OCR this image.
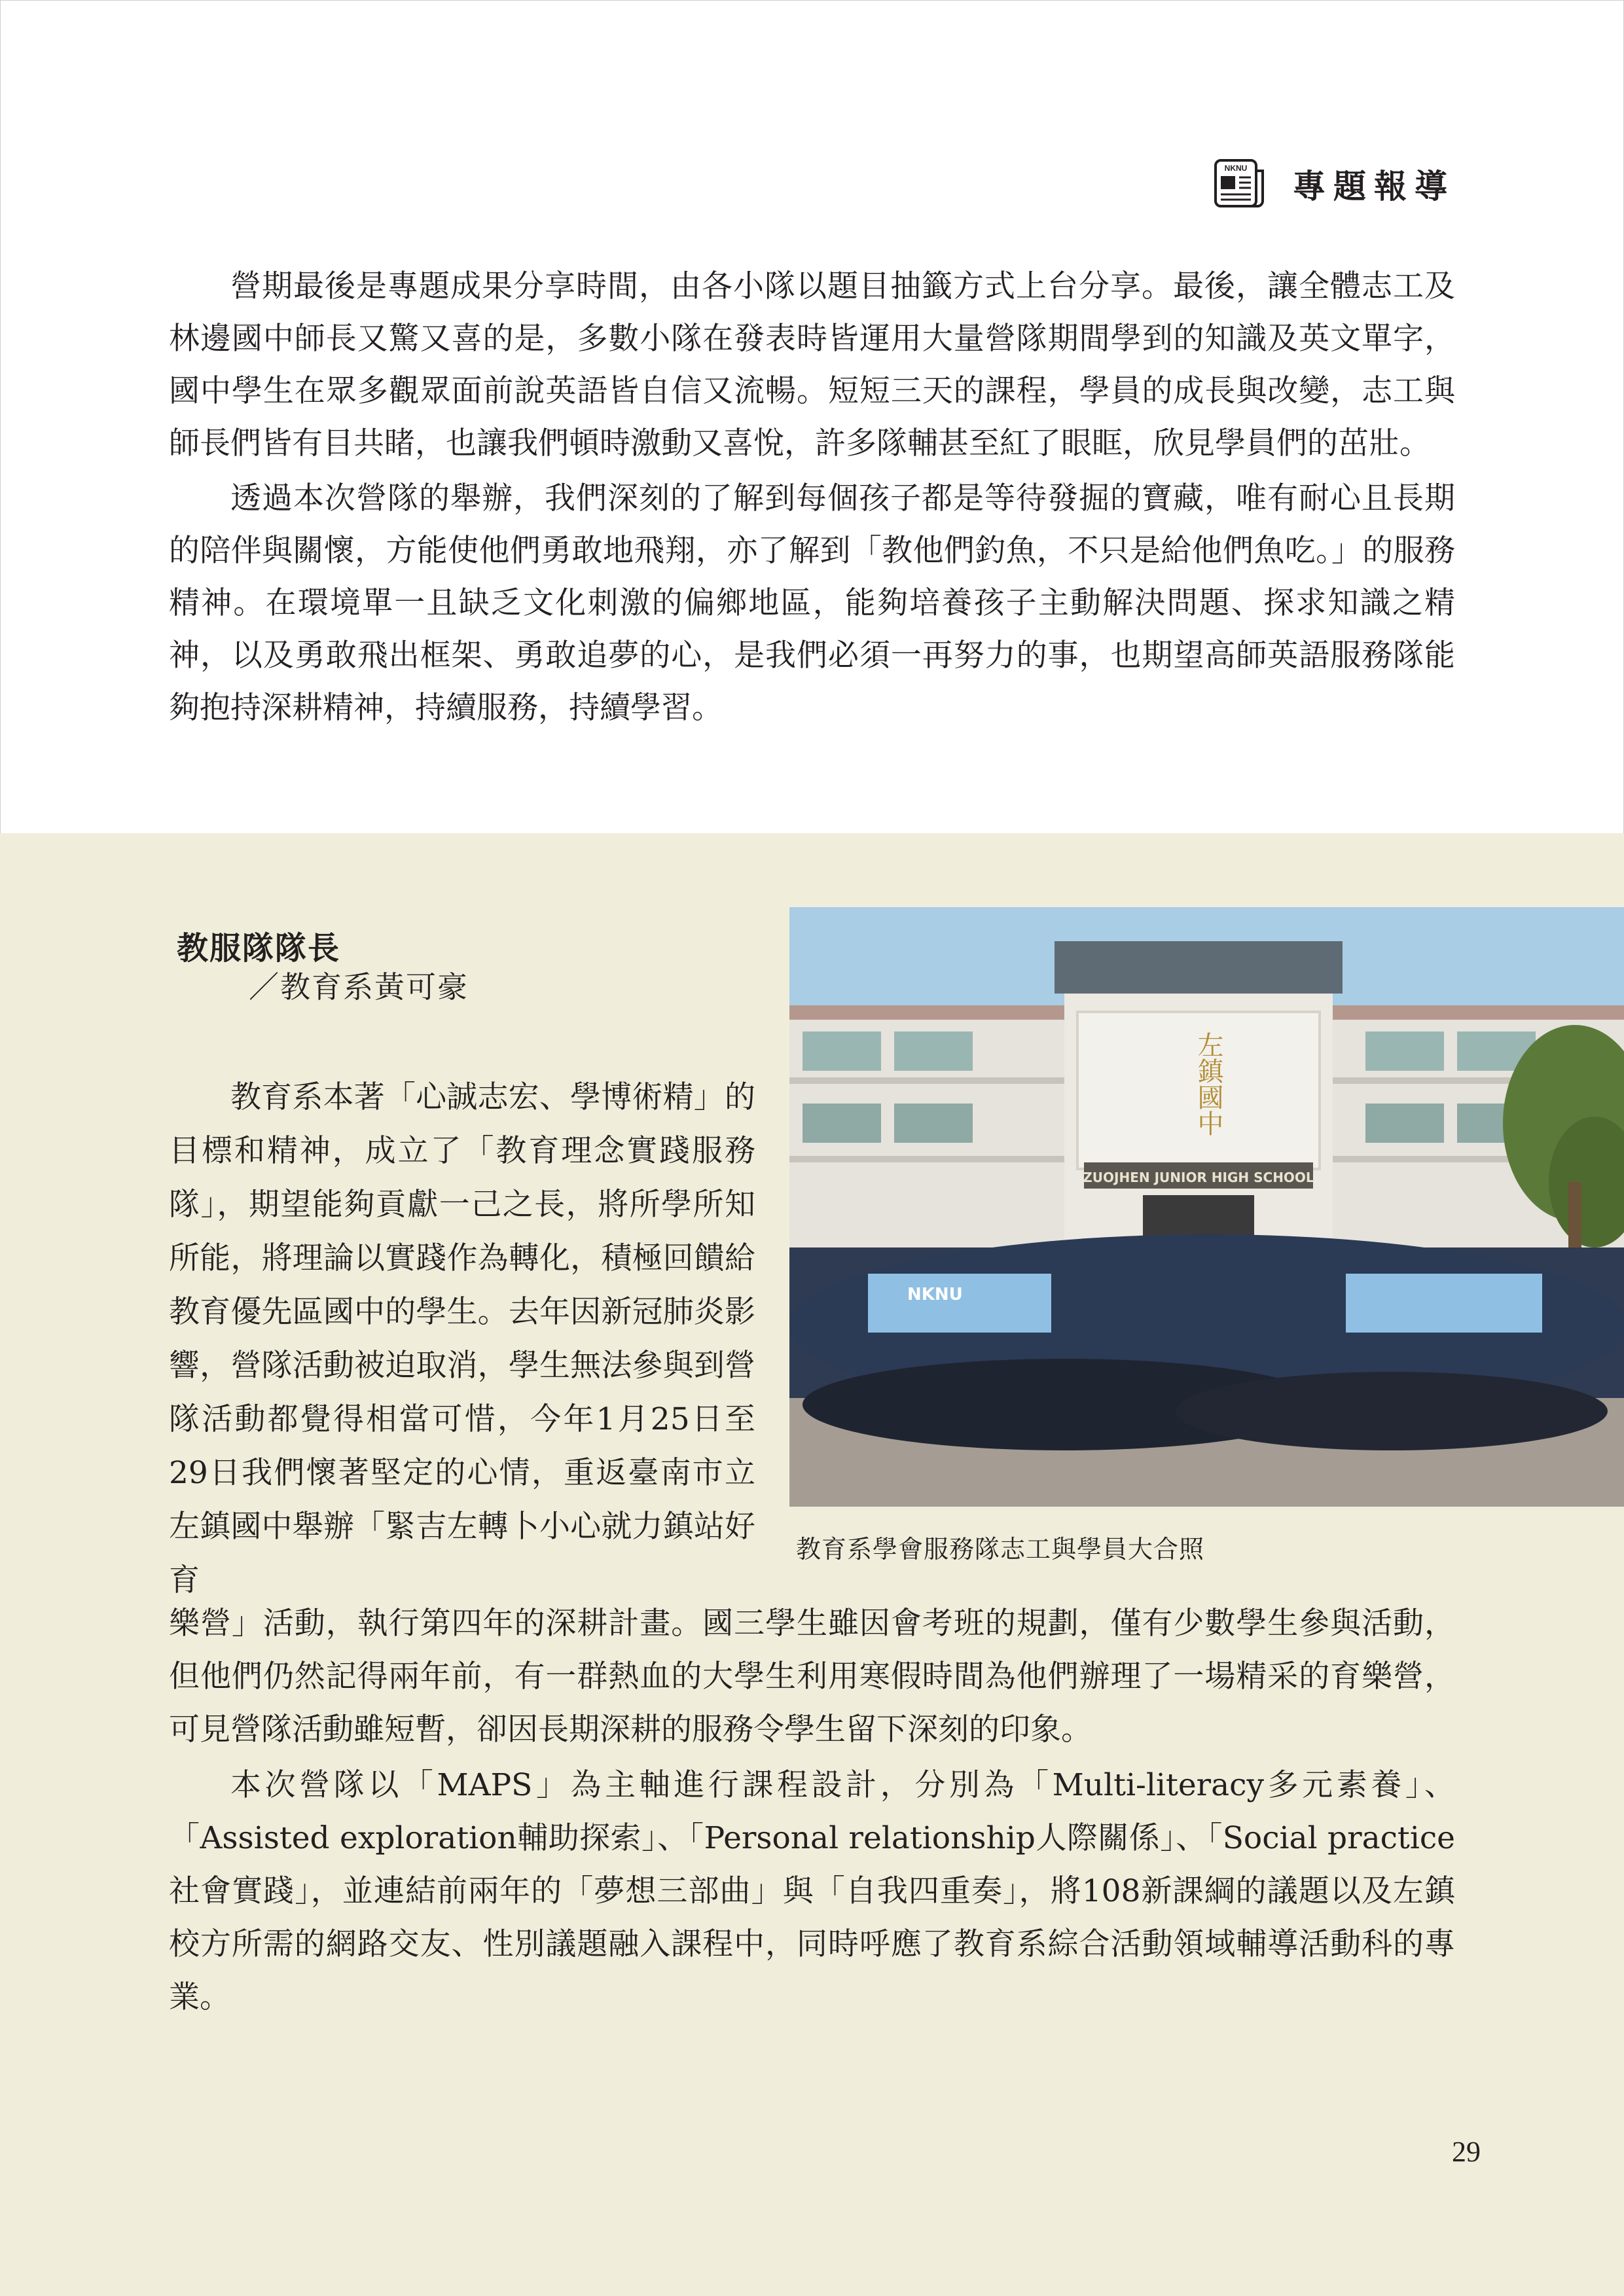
NKNU 專題報導

營期最後是專題成果分享時間，由各小隊以題目抽籤方式上台分享。最後，讓全體志工及林邊國中師長又驚又喜的是，多數小隊在發表時皆運用大量營隊期間學到的知識及英文單字，國中學生在眾多觀眾面前說英語皆自信又流暢。短短三天的課程，學員的成長與改變，志工與師長們皆有目共睹，也讓我們頓時激動又喜悅，許多隊輔甚至紅了眼眶，欣見學員們的茁壯。

透過本次營隊的舉辦，我們深刻的了解到每個孩子都是等待發掘的寶藏，唯有耐心且長期的陪伴與關懷，方能使他們勇敢地飛翔，亦了解到「教他們釣魚，不只是給他們魚吃。」的服務精神。在環境單一且缺乏文化刺激的偏鄉地區，能夠培養孩子主動解決問題、探求知識之精神，以及勇敢飛出框架、勇敢追夢的心，是我們必須一再努力的事，也期望高師英語服務隊能夠抱持深耕精神，持續服務，持續學習。

教服隊隊長
／教育系黃可豪

教育系本著「心誠志宏、學博術精」的目標和精神，成立了「教育理念實踐服務隊」，期望能夠貢獻一己之長，將所學所知所能，將理論以實踐作為轉化，積極回饋給教育優先區國中的學生。去年因新冠肺炎影響，營隊活動被迫取消，學生無法參與到營隊活動都覺得相當可惜，今年1月25日至29日我們懷著堅定的心情，重返臺南市立左鎮國中舉辦「緊吉左轉卜小心就力鎮站好育

左鎮國中
ZUOJHEN JUNIOR HIGH SCHOOL
NKNU
教育系學會服務隊志工與學員大合照

樂營」活動，執行第四年的深耕計畫。國三學生雖因會考班的規劃，僅有少數學生參與活動，但他們仍然記得兩年前，有一群熱血的大學生利用寒假時間為他們辦理了一場精采的育樂營，可見營隊活動雖短暫，卻因長期深耕的服務令學生留下深刻的印象。

本次營隊以「MAPS」為主軸進行課程設計，分別為「Multi-literacy多元素養」、「Assisted exploration輔助探索」、「Personal relationship人際關係」、「Social practice社會實踐」，並連結前兩年的「夢想三部曲」與「自我四重奏」，將108新課綱的議題以及左鎮校方所需的網路交友、性別議題融入課程中，同時呼應了教育系綜合活動領域輔導活動科的專業。

29
